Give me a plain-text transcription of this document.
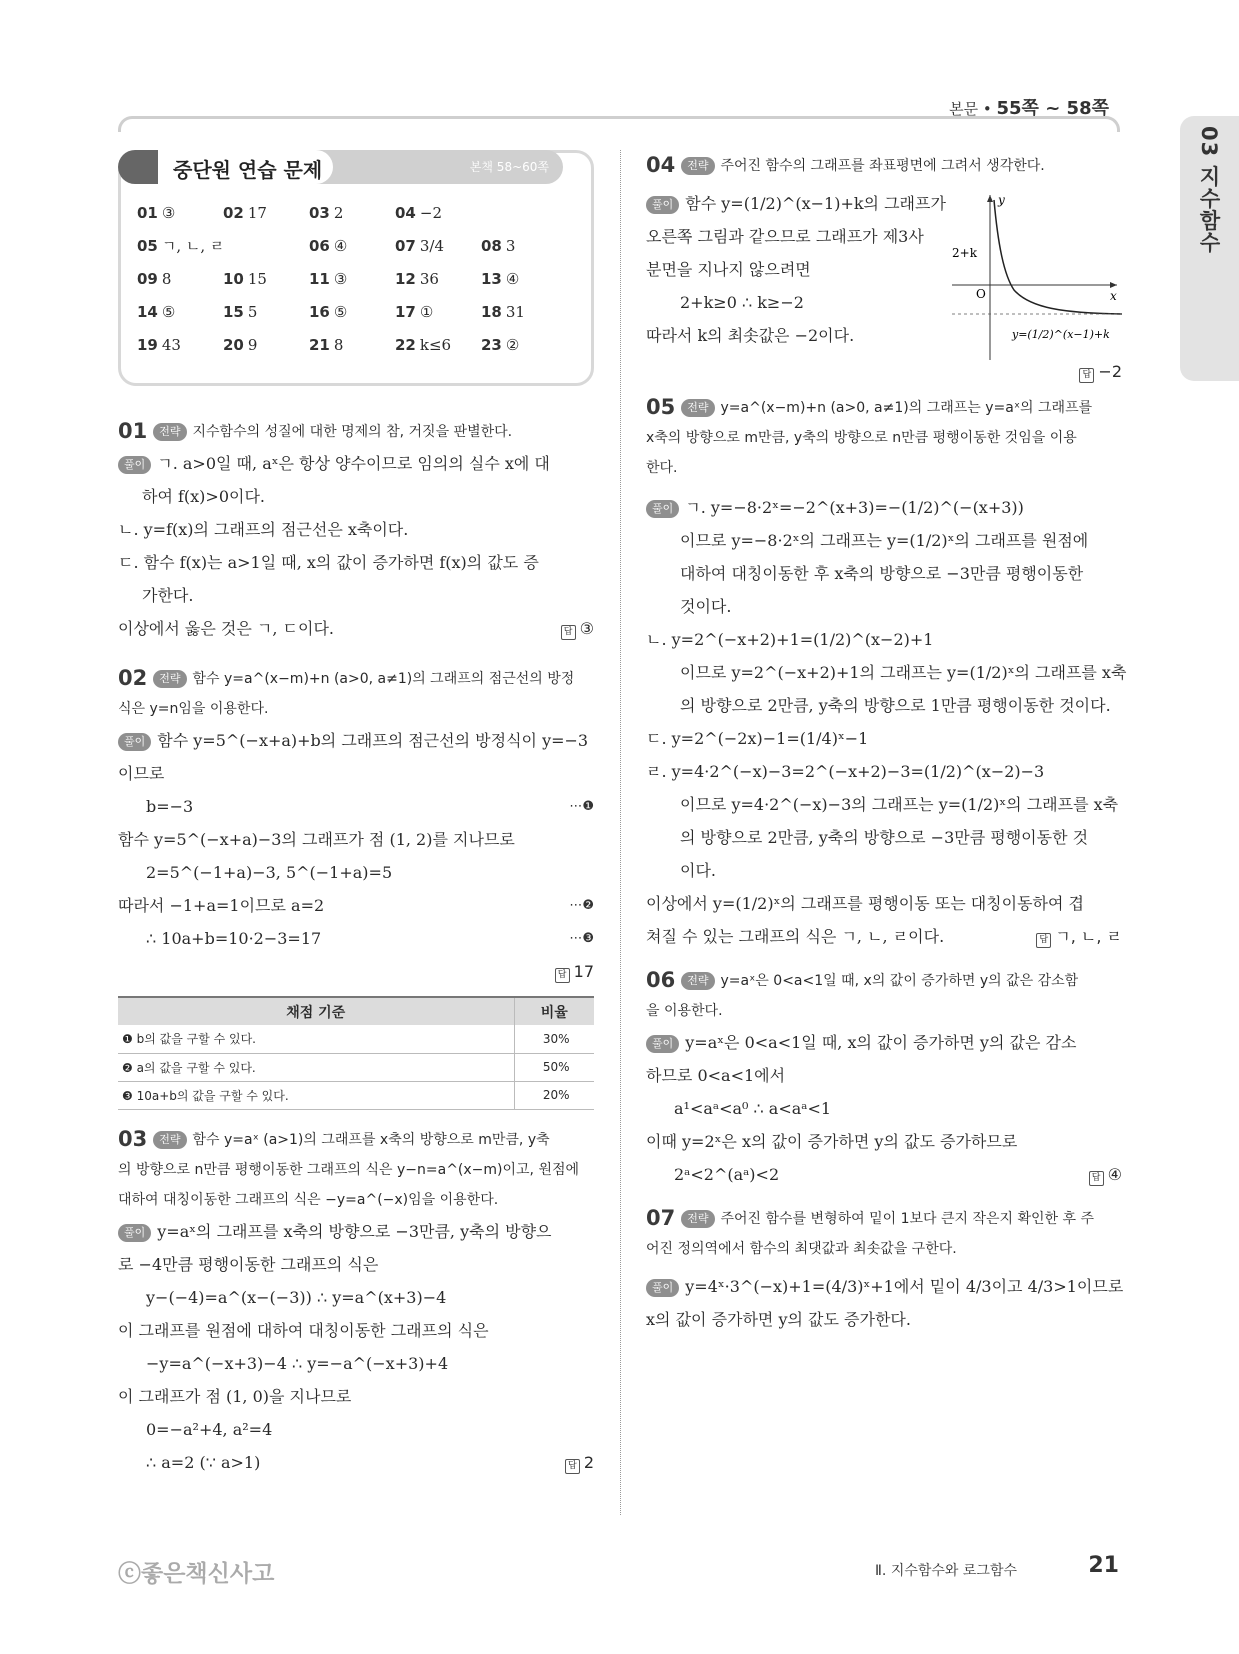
본문 • 55쪽 ~ 58쪽
03 지수함수
중단원 연습 문제	본책 58~60쪽
01 ③	02 17	03 2	04 −2
05 ㄱ, ㄴ, ㄹ	06 ④	07 3/4 08 3
09 8	10 15	11 ③	12 36	13 ④
14 ⑤	15 5	16 ⑤	17 ①	18 31
19 43	20 9	21 8	22 k≤6 23 ②
01 전략 지수함수의 성질에 대한 명제의 참, 거짓을 판별한다.
풀이 ㄱ. a>0일 때, aˣ은 항상 양수이므로 임의의 실수 x에 대
하여 f(x)>0이다.
ㄴ. y=f(x)의 그래프의 점근선은 x축이다.
ㄷ. 함수 f(x)는 a>1일 때, x의 값이 증가하면 f(x)의 값도 증
가한다.
이상에서 옳은 것은 ㄱ, ㄷ이다.	답 ③
02 전략 함수 y=a^(x−m)+n (a>0, a≠1)의 그래프의 점근선의 방정
식은 y=n임을 이용한다.
풀이 함수 y=5^(−x+a)+b의 그래프의 점근선의 방정식이 y=−3
이므로
b=−3	⋯❶
함수 y=5^(−x+a)−3의 그래프가 점 (1, 2)를 지나므로
2=5^(−1+a)−3, 5^(−1+a)=5
따라서 −1+a=1이므로 a=2	⋯❷
∴ 10a+b=10·2−3=17	⋯❸
답 17

채점 기준	비율
❶ b의 값을 구할 수 있다.	30%
❷ a의 값을 구할 수 있다.	50%
❸ 10a+b의 값을 구할 수 있다.	20%
03 전략 함수 y=aˣ (a>1)의 그래프를 x축의 방향으로 m만큼, y축
의 방향으로 n만큼 평행이동한 그래프의 식은 y−n=a^(x−m)이고, 원점에
대하여 대칭이동한 그래프의 식은 −y=a^(−x)임을 이용한다.
풀이 y=aˣ의 그래프를 x축의 방향으로 −3만큼, y축의 방향으
로 −4만큼 평행이동한 그래프의 식은
y−(−4)=a^(x−(−3)) ∴ y=a^(x+3)−4
이 그래프를 원점에 대하여 대칭이동한 그래프의 식은
−y=a^(−x+3)−4 ∴ y=−a^(−x+3)+4
이 그래프가 점 (1, 0)을 지나므로
0=−a²+4, a²=4
∴ a=2 (∵ a>1)	답 2
04 전략 주어진 함수의 그래프를 좌표평면에 그려서 생각한다.
풀이 함수 y=(1/2)^(x−1)+k의 그래프가
오른쪽 그림과 같으므로 그래프가 제3사
분면을 지나지 않으려면
2+k≥0 ∴ k≥−2
따라서 k의 최솟값은 −2이다.
y
x
O
2+k
y=(1/2)^(x−1)+k
답 −2

05 전략 y=a^(x−m)+n (a>0, a≠1)의 그래프는 y=aˣ의 그래프를
x축의 방향으로 m만큼, y축의 방향으로 n만큼 평행이동한 것임을 이용
한다.
풀이 ㄱ. y=−8·2ˣ=−2^(x+3)=−(1/2)^(−(x+3))
이므로 y=−8·2ˣ의 그래프는 y=(1/2)ˣ의 그래프를 원점에
대하여 대칭이동한 후 x축의 방향으로 −3만큼 평행이동한
것이다.
ㄴ. y=2^(−x+2)+1=(1/2)^(x−2)+1
이므로 y=2^(−x+2)+1의 그래프는 y=(1/2)ˣ의 그래프를 x축
의 방향으로 2만큼, y축의 방향으로 1만큼 평행이동한 것이다.
ㄷ. y=2^(−2x)−1=(1/4)ˣ−1
ㄹ. y=4·2^(−x)−3=2^(−x+2)−3=(1/2)^(x−2)−3
이므로 y=4·2^(−x)−3의 그래프는 y=(1/2)ˣ의 그래프를 x축
의 방향으로 2만큼, y축의 방향으로 −3만큼 평행이동한 것
이다.
이상에서 y=(1/2)ˣ의 그래프를 평행이동 또는 대칭이동하여 겹
쳐질 수 있는 그래프의 식은 ㄱ, ㄴ, ㄹ이다.	답 ㄱ, ㄴ, ㄹ
06 전략 y=aˣ은 0<a<1일 때, x의 값이 증가하면 y의 값은 감소함
을 이용한다.
풀이 y=aˣ은 0<a<1일 때, x의 값이 증가하면 y의 값은 감소
하므로 0<a<1에서
a¹<aᵃ<a⁰ ∴ a<aᵃ<1
이때 y=2ˣ은 x의 값이 증가하면 y의 값도 증가하므로
2ᵃ<2^(aᵃ)<2	답 ④
07 전략 주어진 함수를 변형하여 밑이 1보다 큰지 작은지 확인한 후 주
어진 정의역에서 함수의 최댓값과 최솟값을 구한다.
풀이 y=4ˣ·3^(−x)+1=(4/3)ˣ+1에서 밑이 4/3이고 4/3>1이므로
x의 값이 증가하면 y의 값도 증가한다.
ⓒ좋은책신사고	Ⅱ. 지수함수와 로그함수	21
